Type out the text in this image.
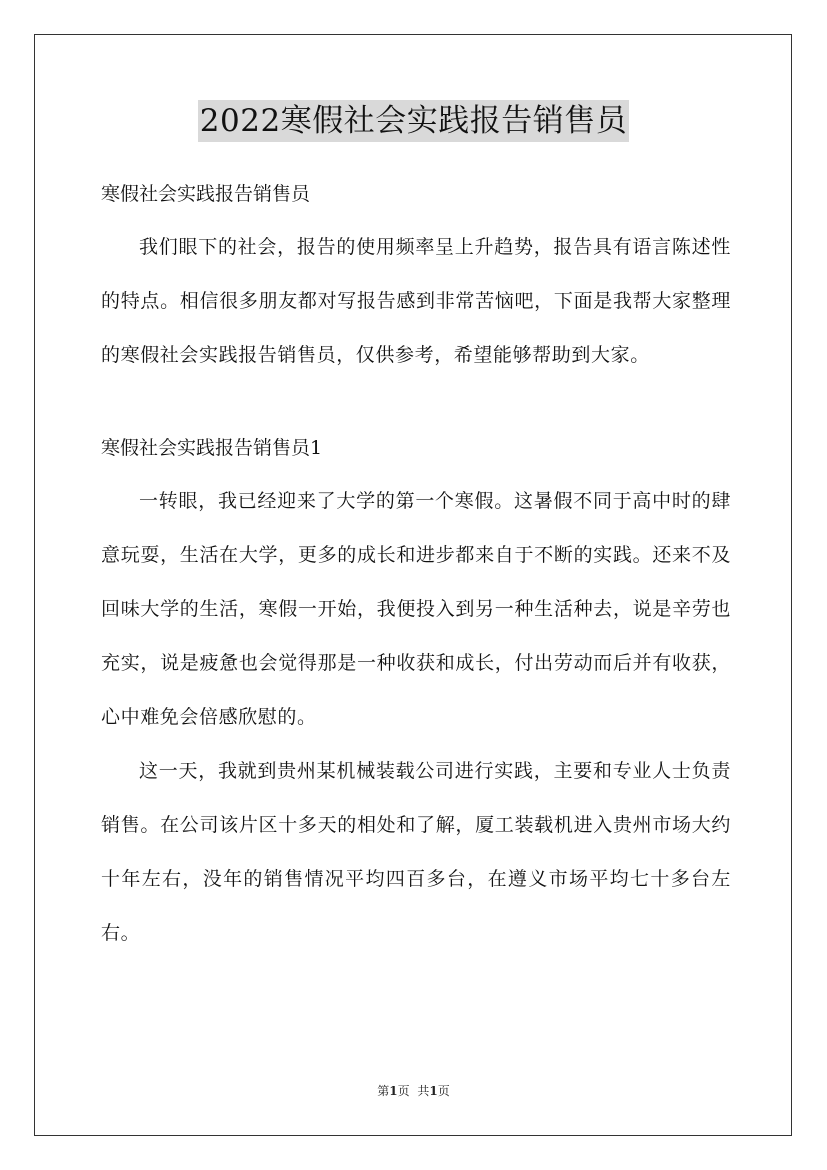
2022寒假社会实践报告销售员

寒假社会实践报告销售员

我们眼下的社会，报告的使用频率呈上升趋势，报告具有语言陈述性的特点。相信很多朋友都对写报告感到非常苦恼吧，下面是我帮大家整理的寒假社会实践报告销售员，仅供参考，希望能够帮助到大家。

寒假社会实践报告销售员1

一转眼，我已经迎来了大学的第一个寒假。这暑假不同于高中时的肆意玩耍，生活在大学，更多的成长和进步都来自于不断的实践。还来不及回味大学的生活，寒假一开始，我便投入到另一种生活种去，说是辛劳也充实，说是疲惫也会觉得那是一种收获和成长，付出劳动而后并有收获，心中难免会倍感欣慰的。

这一天，我就到贵州某机械装载公司进行实践，主要和专业人士负责销售。在公司该片区十多天的相处和了解，厦工装载机进入贵州市场大约十年左右，没年的销售情况平均四百多台，在遵义市场平均七十多台左右。

第1页 共1页
